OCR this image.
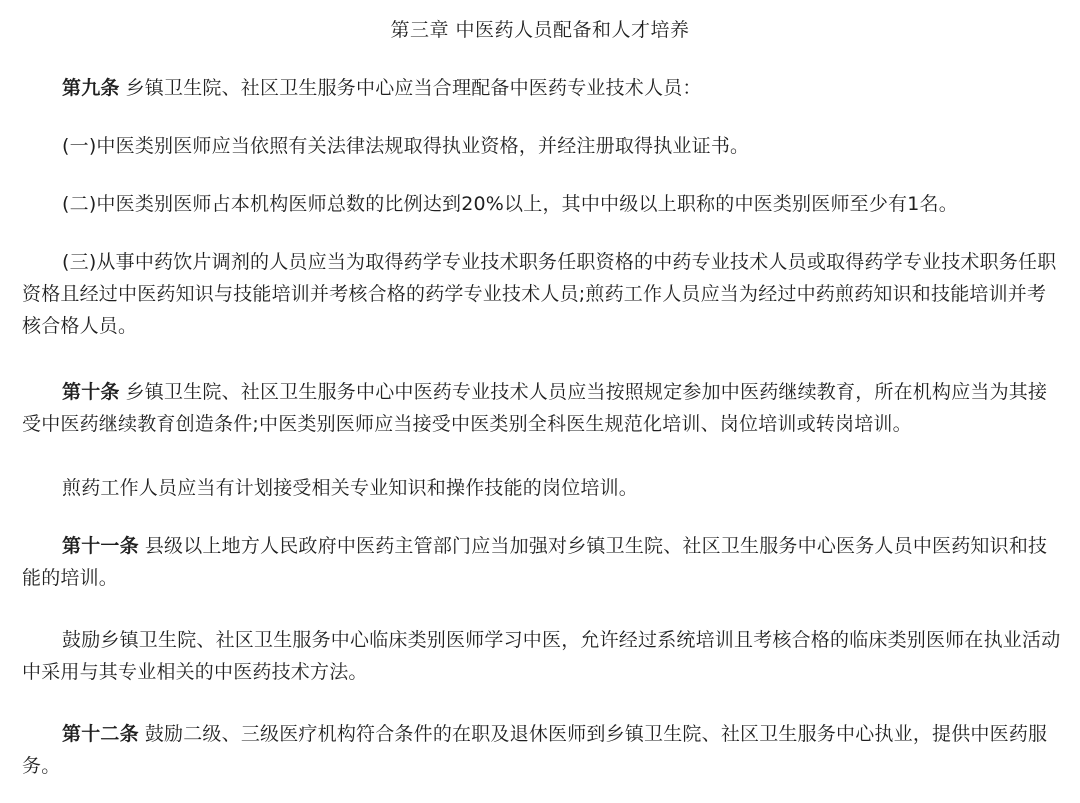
第三章 中医药人员配备和人才培养

第九条 乡镇卫生院、社区卫生服务中心应当合理配备中医药专业技术人员：

(一)中医类别医师应当依照有关法律法规取得执业资格，并经注册取得执业证书。

(二)中医类别医师占本机构医师总数的比例达到20%以上，其中中级以上职称的中医类别医师至少有1名。

(三)从事中药饮片调剂的人员应当为取得药学专业技术职务任职资格的中药专业技术人员或取得药学专业技术职务任职资格且经过中医药知识与技能培训并考核合格的药学专业技术人员;煎药工作人员应当为经过中药煎药知识和技能培训并考核合格人员。

第十条 乡镇卫生院、社区卫生服务中心中医药专业技术人员应当按照规定参加中医药继续教育，所在机构应当为其接受中医药继续教育创造条件;中医类别医师应当接受中医类别全科医生规范化培训、岗位培训或转岗培训。

煎药工作人员应当有计划接受相关专业知识和操作技能的岗位培训。

第十一条 县级以上地方人民政府中医药主管部门应当加强对乡镇卫生院、社区卫生服务中心医务人员中医药知识和技能的培训。

鼓励乡镇卫生院、社区卫生服务中心临床类别医师学习中医，允许经过系统培训且考核合格的临床类别医师在执业活动中采用与其专业相关的中医药技术方法。

第十二条 鼓励二级、三级医疗机构符合条件的在职及退休医师到乡镇卫生院、社区卫生服务中心执业，提供中医药服务。
